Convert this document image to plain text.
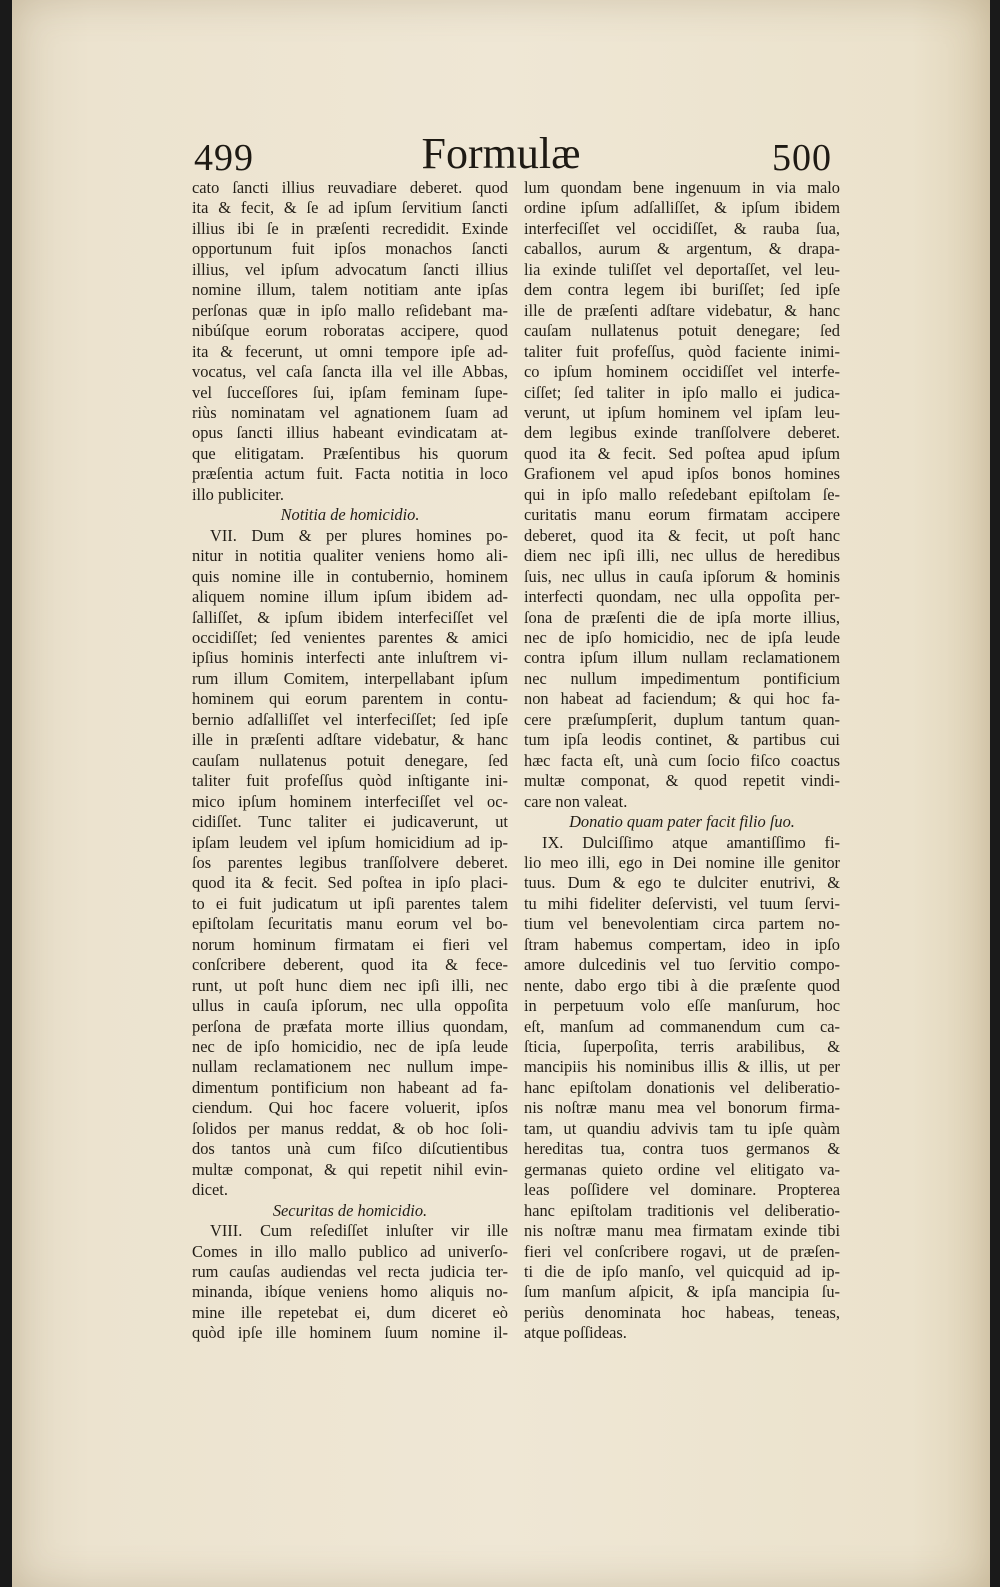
499	Formulæ	500
cato ſancti illius reuvadiare deberet. quod
ita & fecit, & ſe ad ipſum ſervitium ſancti
illius ibi ſe in præſenti recredidit. Exinde
opportunum fuit ipſos monachos ſancti
illius, vel ipſum advocatum ſancti illius
nomine illum, talem notitiam ante ipſas
perſonas quæ in ipſo mallo reſidebant ma-
nibúſque eorum roboratas accipere, quod
ita & fecerunt, ut omni tempore ipſe ad-
vocatus, vel caſa ſancta illa vel ille Abbas,
vel ſucceſſores ſui, ipſam feminam ſupe-
riùs nominatam vel agnationem ſuam ad
opus ſancti illius habeant evindicatam at-
que elitigatam. Præſentibus his quorum
præſentia actum fuit. Facta notitia in loco
illo publiciter.
Notitia de homicidio.
VII. Dum & per plures homines po-
nitur in notitia qualiter veniens homo ali-
quis nomine ille in contubernio, hominem
aliquem nomine illum ipſum ibidem ad-
ſalliſſet, & ipſum ibidem interfeciſſet vel
occidiſſet; ſed venientes parentes & amici
ipſius hominis interfecti ante inluſtrem vi-
rum illum Comitem, interpellabant ipſum
hominem qui eorum parentem in contu-
bernio adſalliſſet vel interfeciſſet; ſed ipſe
ille in præſenti adſtare videbatur, & hanc
cauſam nullatenus potuit denegare, ſed
taliter fuit profeſſus quòd inſtigante ini-
mico ipſum hominem interfeciſſet vel oc-
cidiſſet. Tunc taliter ei judicaverunt, ut
ipſam leudem vel ipſum homicidium ad ip-
ſos parentes legibus tranſſolvere deberet.
quod ita & fecit. Sed poſtea in ipſo placi-
to ei fuit judicatum ut ipſi parentes talem
epiſtolam ſecuritatis manu eorum vel bo-
norum hominum firmatam ei fieri vel
conſcribere deberent, quod ita & fece-
runt, ut poſt hunc diem nec ipſi illi, nec
ullus in cauſa ipſorum, nec ulla oppoſita
perſona de præfata morte illius quondam,
nec de ipſo homicidio, nec de ipſa leude
nullam reclamationem nec nullum impe-
dimentum pontificium non habeant ad fa-
ciendum. Qui hoc facere voluerit, ipſos
ſolidos per manus reddat, & ob hoc ſoli-
dos tantos unà cum fiſco diſcutientibus
multæ componat, & qui repetit nihil evin-
dicet.
Securitas de homicidio.
VIII. Cum reſediſſet inluſter vir ille
Comes in illo mallo publico ad univerſo-
rum cauſas audiendas vel recta judicia ter-
minanda, ibíque veniens homo aliquis no-
mine ille repetebat ei, dum diceret eò
quòd ipſe ille hominem ſuum nomine il-
lum quondam bene ingenuum in via malo
ordine ipſum adſalliſſet, & ipſum ibidem
interfeciſſet vel occidiſſet, & rauba ſua,
caballos, aurum & argentum, & drapa-
lia exinde tuliſſet vel deportaſſet, vel leu-
dem contra legem ibi buriſſet; ſed ipſe
ille de præſenti adſtare videbatur, & hanc
cauſam nullatenus potuit denegare; ſed
taliter fuit profeſſus, quòd faciente inimi-
co ipſum hominem occidiſſet vel interfe-
ciſſet; ſed taliter in ipſo mallo ei judica-
verunt, ut ipſum hominem vel ipſam leu-
dem legibus exinde tranſſolvere deberet.
quod ita & fecit. Sed poſtea apud ipſum
Grafionem vel apud ipſos bonos homines
qui in ipſo mallo reſedebant epiſtolam ſe-
curitatis manu eorum firmatam accipere
deberet, quod ita & fecit, ut poſt hanc
diem nec ipſi illi, nec ullus de heredibus
ſuis, nec ullus in cauſa ipſorum & hominis
interfecti quondam, nec ulla oppoſita per-
ſona de præſenti die de ipſa morte illius,
nec de ipſo homicidio, nec de ipſa leude
contra ipſum illum nullam reclamationem
nec nullum impedimentum pontificium
non habeat ad faciendum; & qui hoc fa-
cere præſumpſerit, duplum tantum quan-
tum ipſa leodis continet, & partibus cui
hæc facta eſt, unà cum ſocio fiſco coactus
multæ componat, & quod repetit vindi-
care non valeat.
Donatio quam pater facit filio ſuo.
IX. Dulciſſimo atque amantiſſimo fi-
lio meo illi, ego in Dei nomine ille genitor
tuus. Dum & ego te dulciter enutrivi, &
tu mihi fideliter deſervisti, vel tuum ſervi-
tium vel benevolentiam circa partem no-
ſtram habemus compertam, ideo in ipſo
amore dulcedinis vel tuo ſervitio compo-
nente, dabo ergo tibi à die præſente quod
in perpetuum volo eſſe manſurum, hoc
eſt, manſum ad commanendum cum ca-
ſticia, ſuperpoſita, terris arabilibus, &
mancipiis his nominibus illis & illis, ut per
hanc epiſtolam donationis vel deliberatio-
nis noſtræ manu mea vel bonorum firma-
tam, ut quandiu advivis tam tu ipſe quàm
hereditas tua, contra tuos germanos &
germanas quieto ordine vel elitigato va-
leas poſſidere vel dominare. Propterea
hanc epiſtolam traditionis vel deliberatio-
nis noſtræ manu mea firmatam exinde tibi
fieri vel conſcribere rogavi, ut de præſen-
ti die de ipſo manſo, vel quicquid ad ip-
ſum manſum aſpicit, & ipſa mancipia ſu-
periùs denominata hoc habeas, teneas,
atque poſſideas.
